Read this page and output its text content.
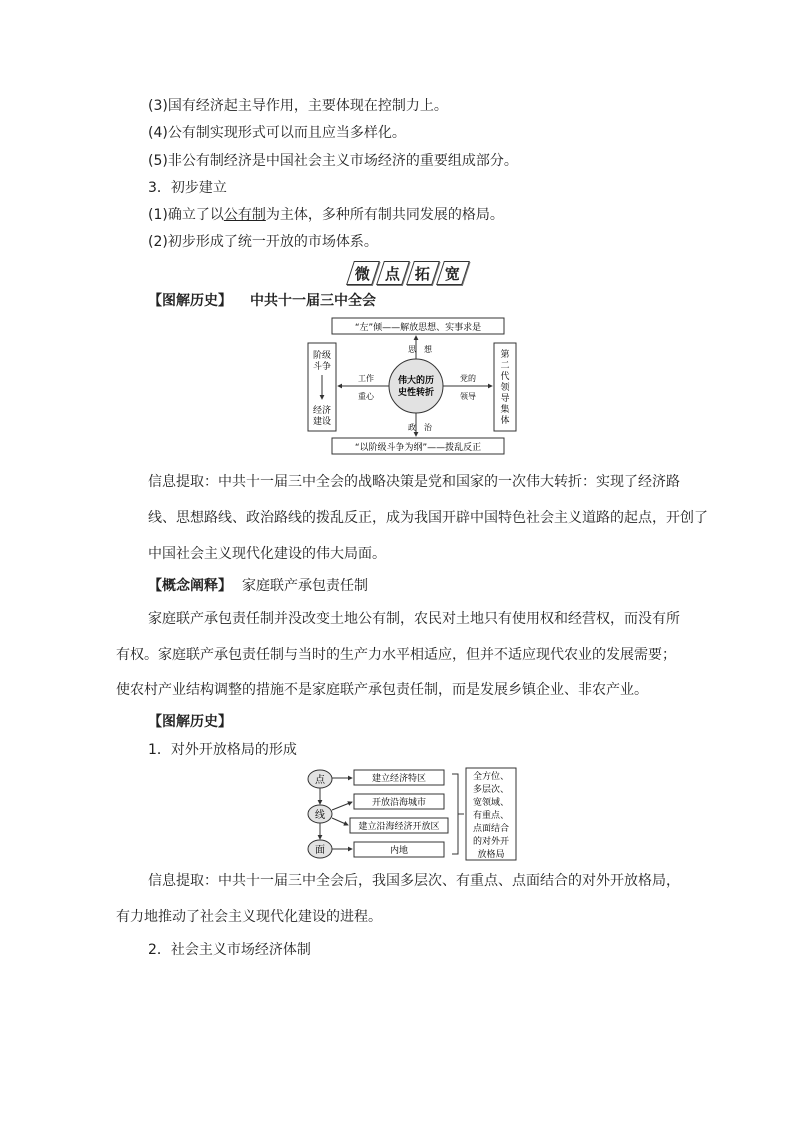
(3)国有经济起主导作用，主要体现在控制力上。
(4)公有制实现形式可以而且应当多样化。
(5)非公有制经济是中国社会主义市场经济的重要组成部分。
3．初步建立
(1)确立了以公有制为主体，多种所有制共同发展的格局。
(2)初步形成了统一开放的市场体系。
微 点 拓 宽
【图解历史】 中共十一届三中全会
“左”倾——解放思想、实事求是
“以阶级斗争为纲”——拨乱反正
阶级
斗争
经济
建设
第
二
代
领
导
集
体
伟大的历
史性转折
思　想
政　治
工作
重心
党的
领导
信息提取：中共十一届三中全会的战略决策是党和国家的一次伟大转折：实现了经济路
线、思想路线、政治路线的拨乱反正，成为我国开辟中国特色社会主义道路的起点，开创了
中国社会主义现代化建设的伟大局面。
【概念阐释】 家庭联产承包责任制
家庭联产承包责任制并没改变土地公有制，农民对土地只有使用权和经营权，而没有所
有权。家庭联产承包责任制与当时的生产力水平相适应，但并不适应现代农业的发展需要；
使农村产业结构调整的措施不是家庭联产承包责任制，而是发展乡镇企业、非农产业。
【图解历史】
1．对外开放格局的形成
点
线
面
建立经济特区
开放沿海城市
建立沿海经济开放区
内地
全方位、
多层次、
宽领域、
有重点、
点面结合
的对外开
放格局
信息提取：中共十一届三中全会后，我国多层次、有重点、点面结合的对外开放格局，
有力地推动了社会主义现代化建设的进程。
2．社会主义市场经济体制
